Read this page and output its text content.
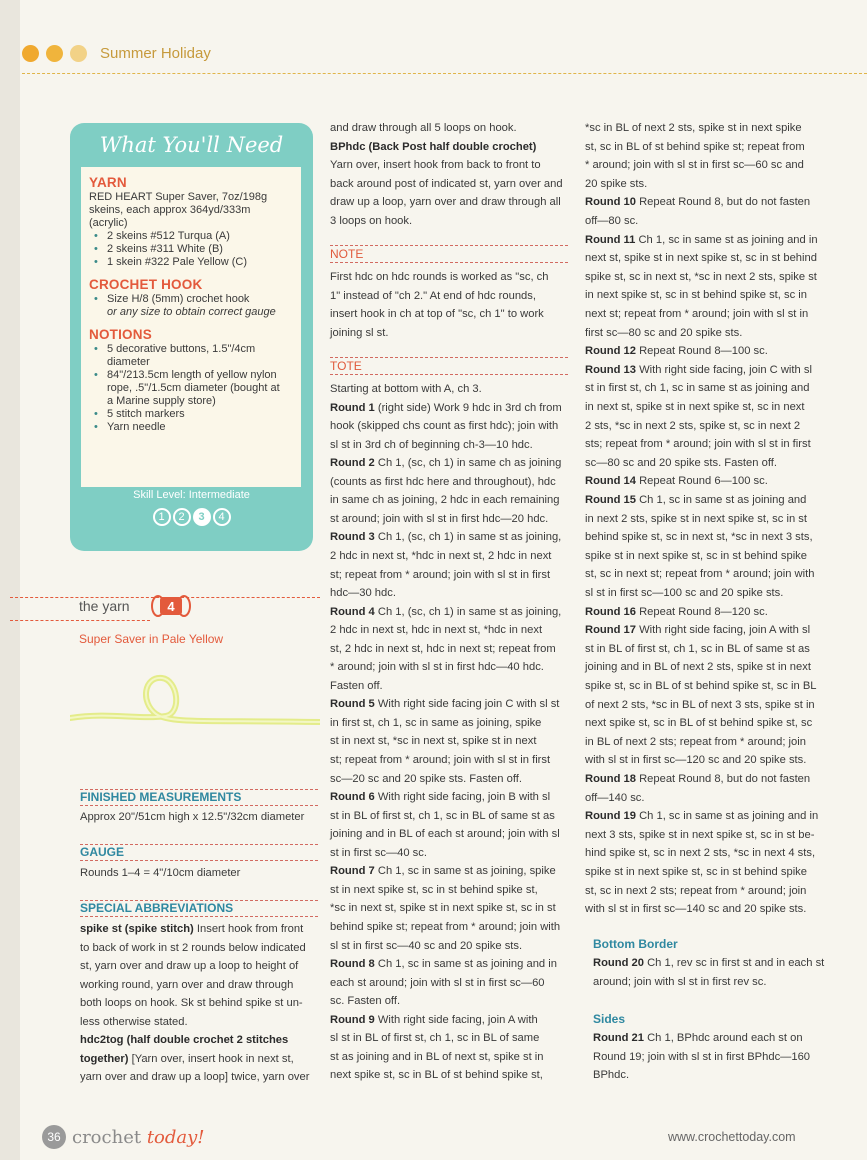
Summer Holiday
What You'll Need
YARN

RED HEART Super Saver, 7oz/198g

skeins, each approx 364yd/333m

(acrylic)

• 2 skeins #512 Turqua (A)
• 2 skeins #311 White (B)
• 1 skein #322 Pale Yellow (C)
CROCHET HOOK
• Size H/8 (5mm) crochet hook

or any size to obtain correct gauge

NOTIONS
• 5 decorative buttons, 1.5"/4cm
diameter
• 84"/213.5cm length of yellow nylon
rope, .5"/1.5cm diameter (bought at
a Marine supply store)
• 5 stitch markers
• Yarn needle
Skill Level: Intermediate
1 2 3 4
the yarn	4
Super Saver in Pale Yellow
FINISHED MEASUREMENTS
Approx 20"/51cm high x 12.5"/32cm diameter
GAUGE
Rounds 1–4 = 4"/10cm diameter
SPECIAL ABBREVIATIONS
spike st (spike stitch) Insert hook from front
to back of work in st 2 rounds below indicated
st, yarn over and draw up a loop to height of
working round, yarn over and draw through
both loops on hook. Sk st behind spike st un-
less otherwise stated.
hdc2tog (half double crochet 2 stitches
together) [Yarn over, insert hook in next st,
yarn over and draw up a loop] twice, yarn over
and draw through all 5 loops on hook.
BPhdc (Back Post half double crochet)
Yarn over, insert hook from back to front to
back around post of indicated st, yarn over and
draw up a loop, yarn over and draw through all
3 loops on hook.
NOTE
First hdc on hdc rounds is worked as "sc, ch
1" instead of "ch 2." At end of hdc rounds,
insert hook in ch at top of "sc, ch 1" to work
joining sl st.
TOTE
Starting at bottom with A, ch 3.
Round 1 (right side) Work 9 hdc in 3rd ch from
hook (skipped chs count as first hdc); join with
sl st in 3rd ch of beginning ch-3—10 hdc.
Round 2 Ch 1, (sc, ch 1) in same ch as joining
(counts as first hdc here and throughout), hdc
in same ch as joining, 2 hdc in each remaining
st around; join with sl st in first hdc—20 hdc.
Round 3 Ch 1, (sc, ch 1) in same st as joining,
2 hdc in next st, *hdc in next st, 2 hdc in next
st; repeat from * around; join with sl st in first
hdc—30 hdc.
Round 4 Ch 1, (sc, ch 1) in same st as joining,
2 hdc in next st, hdc in next st, *hdc in next
st, 2 hdc in next st, hdc in next st; repeat from
* around; join with sl st in first hdc—40 hdc.
Fasten off.
Round 5 With right side facing join C with sl st
in first st, ch 1, sc in same as joining, spike
st in next st, *sc in next st, spike st in next
st; repeat from * around; join with sl st in first
sc—20 sc and 20 spike sts. Fasten off.
Round 6 With right side facing, join B with sl
st in BL of first st, ch 1, sc in BL of same st as
joining and in BL of each st around; join with sl
st in first sc—40 sc.
Round 7 Ch 1, sc in same st as joining, spike
st in next spike st, sc in st behind spike st,
*sc in next st, spike st in next spike st, sc in st
behind spike st; repeat from * around; join with
sl st in first sc—40 sc and 20 spike sts.
Round 8 Ch 1, sc in same st as joining and in
each st around; join with sl st in first sc—60
sc. Fasten off.
Round 9 With right side facing, join A with
sl st in BL of first st, ch 1, sc in BL of same
st as joining and in BL of next st, spike st in
next spike st, sc in BL of st behind spike st,
*sc in BL of next 2 sts, spike st in next spike
st, sc in BL of st behind spike st; repeat from
* around; join with sl st in first sc—60 sc and
20 spike sts.
Round 10 Repeat Round 8, but do not fasten
off—80 sc.
Round 11 Ch 1, sc in same st as joining and in
next st, spike st in next spike st, sc in st behind
spike st, sc in next st, *sc in next 2 sts, spike st
in next spike st, sc in st behind spike st, sc in
next st; repeat from * around; join with sl st in
first sc—80 sc and 20 spike sts.
Round 12 Repeat Round 8—100 sc.
Round 13 With right side facing, join C with sl
st in first st, ch 1, sc in same st as joining and
in next st, spike st in next spike st, sc in next
2 sts, *sc in next 2 sts, spike st, sc in next 2
sts; repeat from * around; join with sl st in first
sc—80 sc and 20 spike sts. Fasten off.
Round 14 Repeat Round 6—100 sc.
Round 15 Ch 1, sc in same st as joining and
in next 2 sts, spike st in next spike st, sc in st
behind spike st, sc in next st, *sc in next 3 sts,
spike st in next spike st, sc in st behind spike
st, sc in next st; repeat from * around; join with
sl st in first sc—100 sc and 20 spike sts.
Round 16 Repeat Round 8—120 sc.
Round 17 With right side facing, join A with sl
st in BL of first st, ch 1, sc in BL of same st as
joining and in BL of next 2 sts, spike st in next
spike st, sc in BL of st behind spike st, sc in BL
of next 2 sts, *sc in BL of next 3 sts, spike st in
next spike st, sc in BL of st behind spike st, sc
in BL of next 2 sts; repeat from * around; join
with sl st in first sc—120 sc and 20 spike sts.
Round 18 Repeat Round 8, but do not fasten
off—140 sc.
Round 19 Ch 1, sc in same st as joining and in
next 3 sts, spike st in next spike st, sc in st be-
hind spike st, sc in next 2 sts, *sc in next 4 sts,
spike st in next spike st, sc in st behind spike
st, sc in next 2 sts; repeat from * around; join
with sl st in first sc—140 sc and 20 spike sts.
Bottom Border
Round 20 Ch 1, rev sc in first st and in each st
around; join with sl st in first rev sc.
Sides
Round 21 Ch 1, BPhdc around each st on
Round 19; join with sl st in first BPhdc—160
BPhdc.
36 crochet today!	www.crochettoday.com
